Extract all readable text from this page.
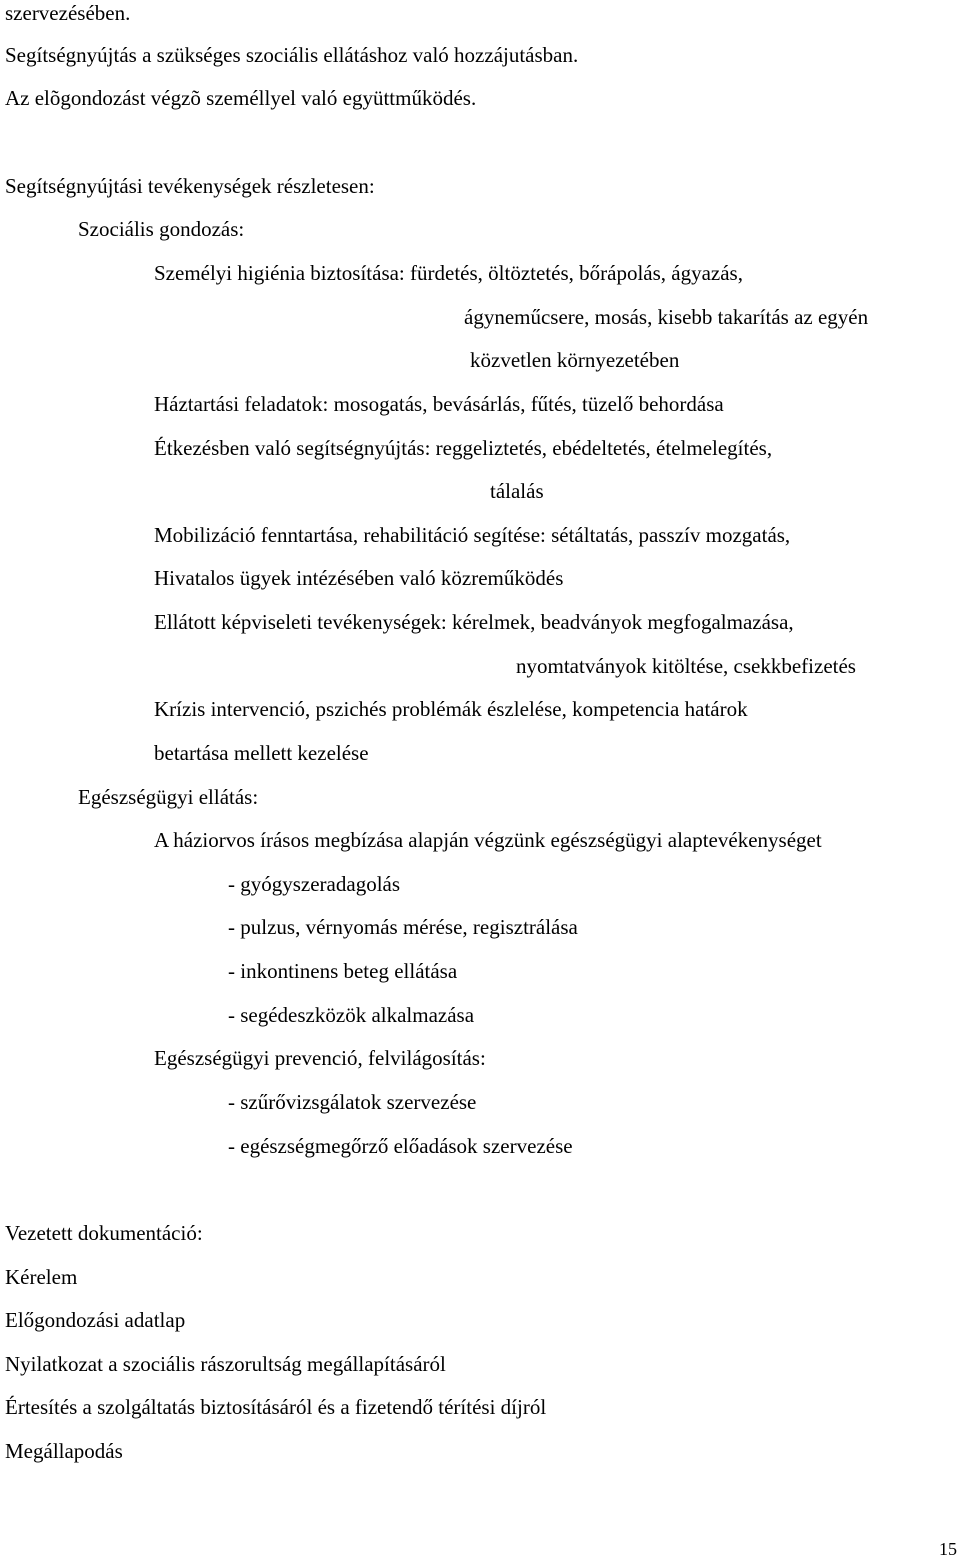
szervezésében.

Segítségnyújtás a szükséges szociális ellátáshoz való hozzájutásban.

Az elõgondozást végzõ személlyel való együttműködés.

Segítségnyújtási tevékenységek részletesen:

Szociális gondozás:

Személyi higiénia biztosítása: fürdetés, öltöztetés, bőrápolás, ágyazás,

ágyneműcsere, mosás, kisebb takarítás az egyén

közvetlen környezetében

Háztartási feladatok: mosogatás, bevásárlás, fűtés, tüzelő behordása

Étkezésben való segítségnyújtás: reggeliztetés, ebédeltetés, ételmelegítés,

tálalás

Mobilizáció fenntartása, rehabilitáció segítése: sétáltatás, passzív mozgatás,

Hivatalos ügyek intézésében való közreműködés

Ellátott képviseleti tevékenységek: kérelmek, beadványok megfogalmazása,

nyomtatványok kitöltése, csekkbefizetés

Krízis intervenció, pszichés problémák észlelése, kompetencia határok

betartása mellett kezelése

Egészségügyi ellátás:

A háziorvos írásos megbízása alapján végzünk egészségügyi alaptevékenységet

- gyógyszeradagolás

- pulzus, vérnyomás mérése, regisztrálása

- inkontinens beteg ellátása

- segédeszközök alkalmazása

Egészségügyi prevenció, felvilágosítás:

- szűrővizsgálatok szervezése

- egészségmegőrző előadások szervezése

Vezetett dokumentáció:

Kérelem

Előgondozási adatlap

Nyilatkozat a szociális rászorultság megállapításáról

Értesítés a szolgáltatás biztosításáról és a fizetendő térítési díjról

Megállapodás

15
